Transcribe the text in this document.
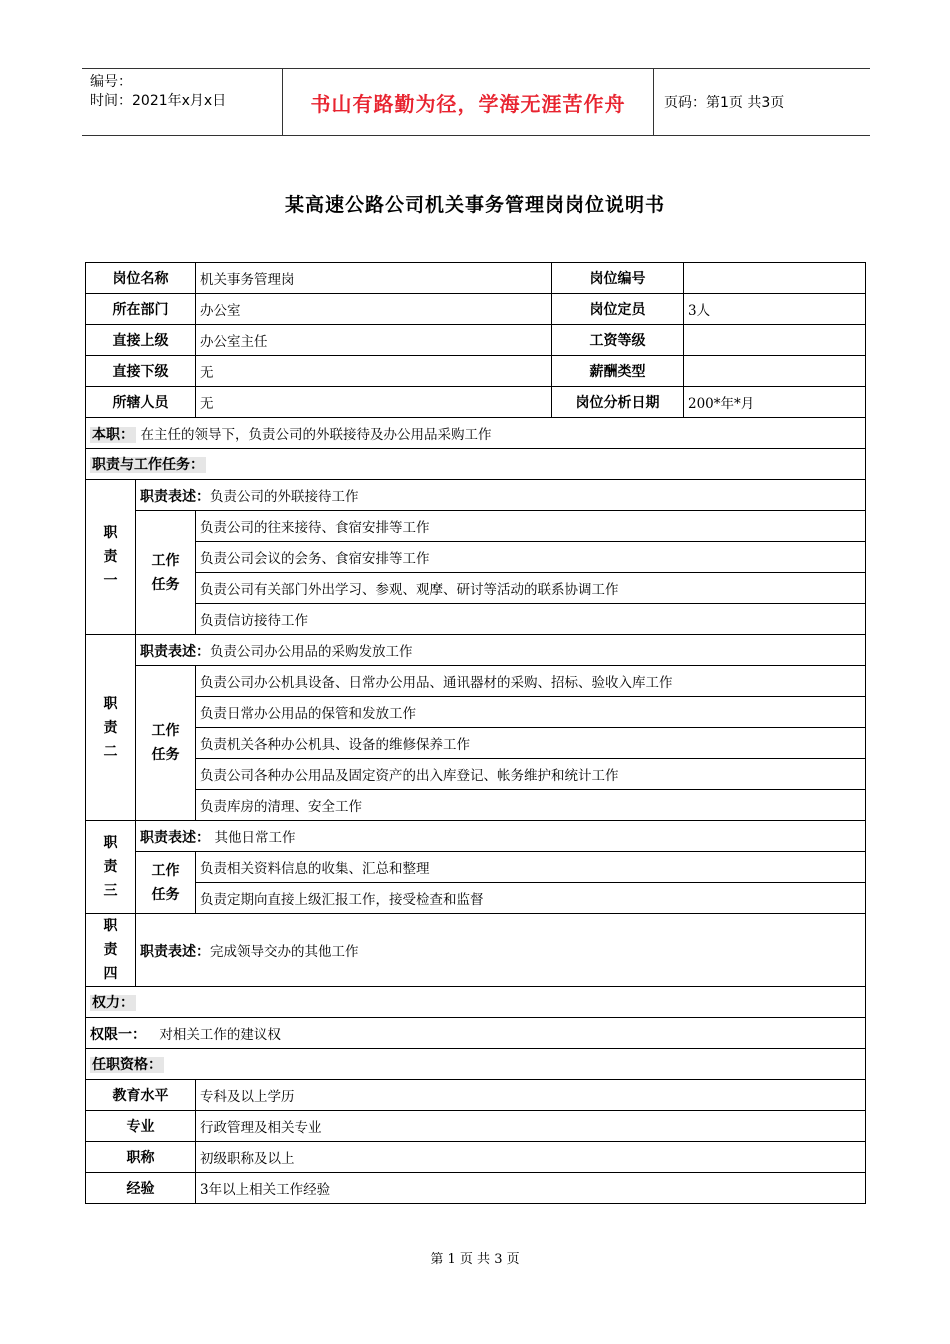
编号：
时间：2021年x月x日	书山有路勤为径，学海无涯苦作舟	页码：第1页 共3页
某高速公路公司机关事务管理岗岗位说明书
岗位名称		机关事务管理岗	岗位编号	
所在部门		办公室	岗位定员	3人
直接上级		办公室主任	工资等级	
直接下级		无	薪酬类型	
所辖人员		无	岗位分析日期	200*年*月
本职： 在主任的领导下，负责公司的外联接待及办公用品采购工作				
职责与工作任务：				
职
责
一	职责表述：负责公司的外联接待工作			
	工作
任务	负责公司的往来接待、食宿安排等工作		
		负责公司会议的会务、食宿安排等工作		
		负责公司有关部门外出学习、参观、观摩、研讨等活动的联系协调工作		
		负责信访接待工作		
职
责
二	职责表述：负责公司办公用品的采购发放工作			
	工作
任务	负责公司办公机具设备、日常办公用品、通讯器材的采购、招标、验收入库工作		
		负责日常办公用品的保管和发放工作		
		负责机关各种办公机具、设备的维修保养工作		
		负责公司各种办公用品及固定资产的出入库登记、帐务维护和统计工作		
		负责库房的清理、安全工作		
职
责
三	职责表述： 其他日常工作			
	工作
任务	负责相关资料信息的收集、汇总和整理		
		负责定期向直接上级汇报工作，接受检查和监督		
职
责
四	职责表述：完成领导交办的其他工作			
权力：				
权限一： 对相关工作的建议权				
任职资格：				
教育水平		专科及以上学历		
专业		行政管理及相关专业		
职称		初级职称及以上		
经验		3年以上相关工作经验		
第 1 页 共 3 页
